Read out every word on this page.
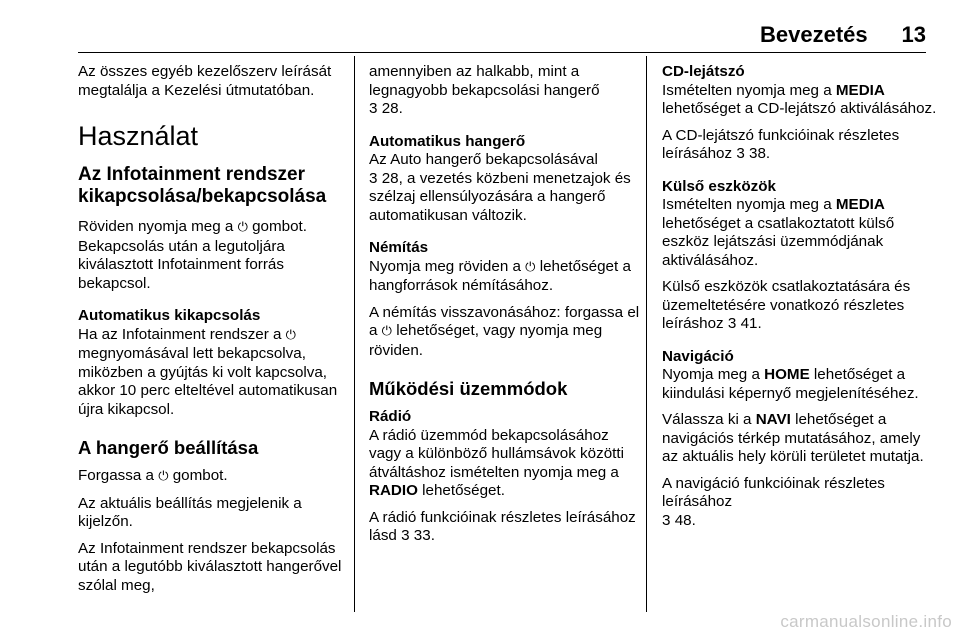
Bevezetés	13

Az összes egyéb kezelőszerv leírását megtalálja a Kezelési útmutatóban.

Használat
Az Infotainment rendszer kikapcsolása/bekapcsolása

Röviden nyomja meg a ⏻ gombot. Bekapcsolás után a legutoljára kiválasztott Infotainment forrás bekapcsol.

Automatikus kikapcsolás

Ha az Infotainment rendszer a ⏻ megnyomásával lett bekapcsolva, miközben a gyújtás ki volt kapcsolva, akkor 10 perc elteltével automatikusan újra kikapcsol.

A hangerő beállítása

Forgassa a ⏻ gombot.

Az aktuális beállítás megjelenik a kijelzőn.

Az Infotainment rendszer bekapcsolás után a legutóbb kiválasztott hangerővel szólal meg,

amennyiben az halkabb, mint a legnagyobb bekapcsolási hangerő
3 28.

Automatikus hangerő

Az Auto hangerő bekapcsolásával
3 28, a vezetés közbeni menetzajok és szélzaj ellensúlyozására a hangerő automatikusan változik.

Némítás

Nyomja meg röviden a ⏻ lehetőséget a hangforrások némításához.

A némítás visszavonásához: forgassa el a ⏻ lehetőséget, vagy nyomja meg röviden.

Működési üzemmódok
Rádió

A rádió üzemmód bekapcsolásához vagy a különböző hullámsávok közötti átváltáshoz ismételten nyomja meg a RADIO lehetőséget.

A rádió funkcióinak részletes leírásához lásd 3 33.

CD-lejátszó

Ismételten nyomja meg a MEDIA lehetőséget a CD-lejátszó aktiválásához.

A CD-lejátszó funkcióinak részletes leírásához 3 38.

Külső eszközök

Ismételten nyomja meg a MEDIA lehetőséget a csatlakoztatott külső eszköz lejátszási üzemmódjának aktiválásához.

Külső eszközök csatlakoztatására és üzemeltetésére vonatkozó részletes leíráshoz 3 41.

Navigáció

Nyomja meg a HOME lehetőséget a kiindulási képernyő megjelenítéséhez.

Válassza ki a NAVI lehetőséget a navigációs térkép mutatásához, amely az aktuális hely körüli területet mutatja.

A navigáció funkcióinak részletes leírásához
3 48.

carmanualsonline.info
